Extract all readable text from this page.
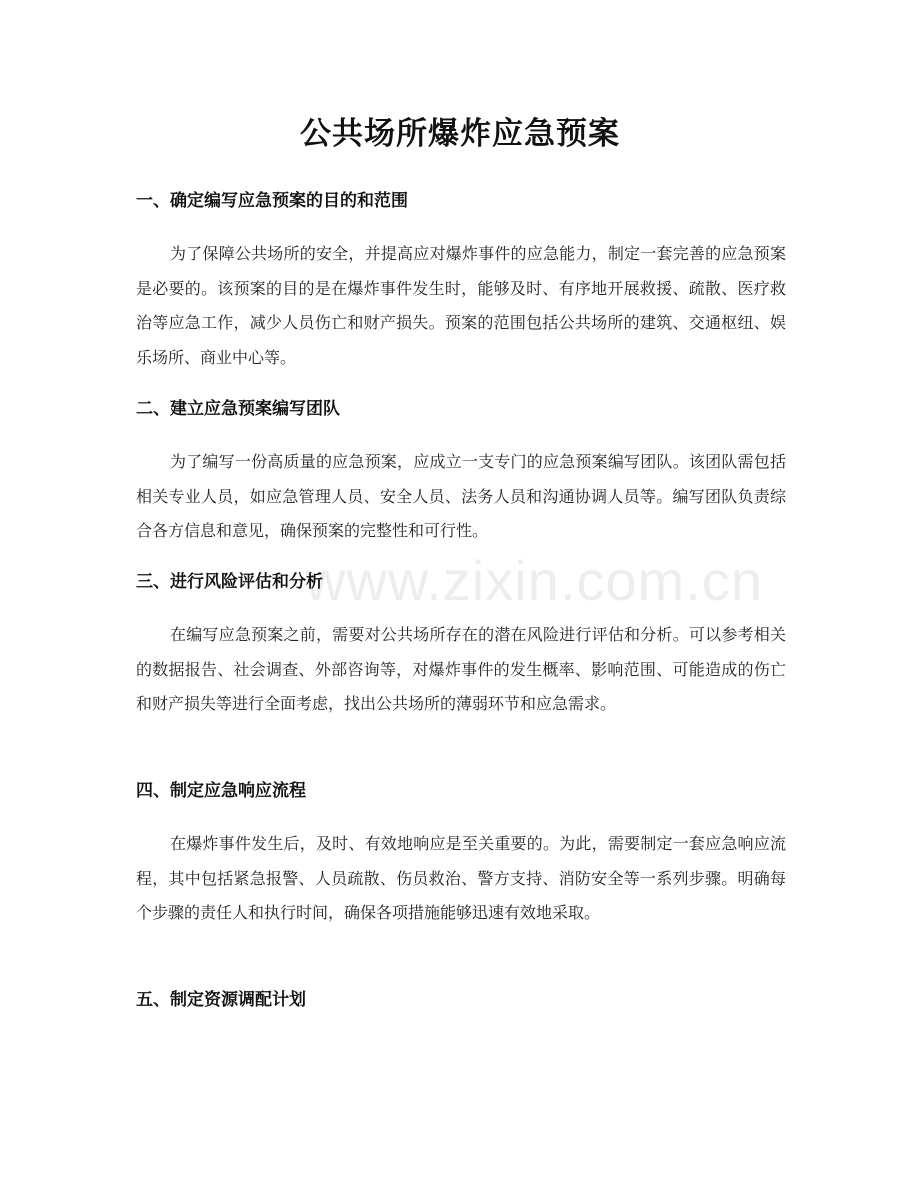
公共场所爆炸应急预案
www.zixin.com.cn
一、确定编写应急预案的目的和范围

为了保障公共场所的安全，并提高应对爆炸事件的应急能力，制定一套完善的应急预案是必要的。该预案的目的是在爆炸事件发生时，能够及时、有序地开展救援、疏散、医疗救治等应急工作，减少人员伤亡和财产损失。预案的范围包括公共场所的建筑、交通枢纽、娱乐场所、商业中心等。

二、建立应急预案编写团队

为了编写一份高质量的应急预案，应成立一支专门的应急预案编写团队。该团队需包括相关专业人员，如应急管理人员、安全人员、法务人员和沟通协调人员等。编写团队负责综合各方信息和意见，确保预案的完整性和可行性。

三、进行风险评估和分析

在编写应急预案之前，需要对公共场所存在的潜在风险进行评估和分析。可以参考相关的数据报告、社会调查、外部咨询等，对爆炸事件的发生概率、影响范围、可能造成的伤亡和财产损失等进行全面考虑，找出公共场所的薄弱环节和应急需求。

四、制定应急响应流程

在爆炸事件发生后，及时、有效地响应是至关重要的。为此，需要制定一套应急响应流程，其中包括紧急报警、人员疏散、伤员救治、警方支持、消防安全等一系列步骤。明确每个步骤的责任人和执行时间，确保各项措施能够迅速有效地采取。

五、制定资源调配计划
